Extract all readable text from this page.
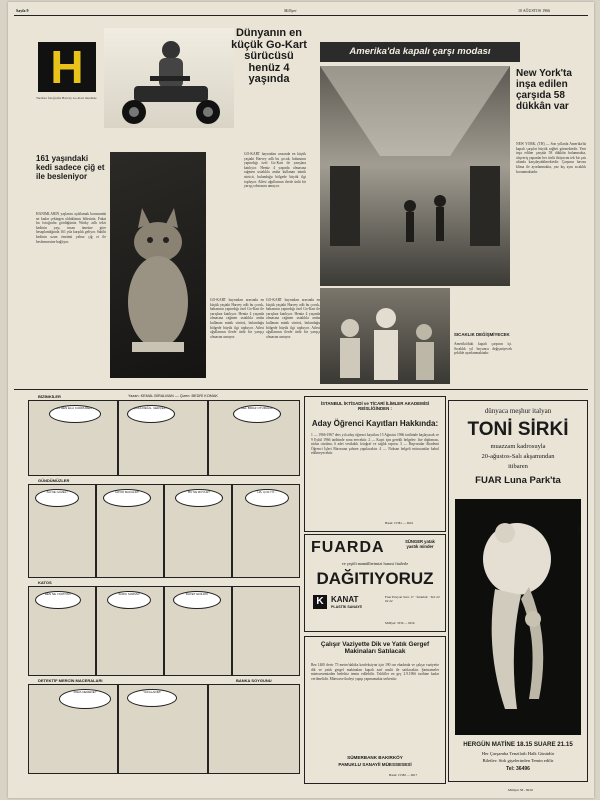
Sayfa 9	Milliyet	10 AĞUSTOS 1966
H
Tarafsız fotoğrafta Harvey Go-Kart üzerinde
Dünyanın en küçük Go-Kart sürücüsü henüz 4 yaşında
GO-KART hayranları arasında en küçük yaştaki Harvey adlı bu çocuk, babasının yaptırdığı özel Go-Kart ile yarışlara katılıyor. Henüz 4 yaşında olmasına rağmen ustalıkla araba kullanan minik sürücü, bulunduğu bölgede büyük ilgi topluyor. Ailesi oğullarının ilerde ünlü bir yarışçı olmasını umuyor.
GO-KART hayranları arasında en küçük yaştaki Harvey adlı bu çocuk, babasının yaptırdığı özel Go-Kart ile yarışlara katılıyor. Henüz 4 yaşında olmasına rağmen ustalıkla araba kullanan minik sürücü, bulunduğu bölgede büyük ilgi topluyor. Ailesi oğullarının ilerde ünlü bir yarışçı olmasını umuyor.
GO-KART hayranları arasında en küçük yaştaki Harvey adlı bu çocuk, babasının yaptırdığı özel Go-Kart ile yarışlara katılıyor. Henüz 4 yaşında olmasına rağmen ustalıkla araba kullanan minik sürücü, bulunduğu bölgede büyük ilgi topluyor. Ailesi oğullarının ilerde ünlü bir yarışçı olmasını umuyor.
161 yaşındaki kedi sadece çiğ et ile besleniyor
HANIMLARIN yaşlarını açıklamak konusunda ne kadar çekingen olduklarını bilirsiniz. Fakat bu fotoğrafta gördüğünüz Winky adlı tekir kedinin yaşı, insan ömrüne göre hesaplandığında 161 yıla karşılık geliyor. Sahibi kedinin uzun ömrünü yalnız çiğ et ile beslenmesine bağlıyor.
Amerika'da kapalı çarşı modası
New York'ta inşa edilen çarşıda 58 dükkân var
NEW YORK, (TH) — Son yıllarda Amerika'da kapalı çarşılar büyük rağbet görmektedir. Yeni inşa edilen çarşıda 58 dükkân bulunmakta, alışveriş yapanlar her türlü ihtiyacını tek bir çatı altında karşılayabilmektedir. Çarşının havası klima ile ayarlanmakta, yaz kış aynı sıcaklık korunmaktadır.
SICAKLIK DEĞİŞMİYECEK
Amerika'daki kapalı çarşının içi. Sıcaklık yıl boyunca değişmiyecek şekilde ayarlanmaktadır.
BİZİMKİLER	Yazan: KEMAL BİRALMAN — Çizen: BEDRİ KOMAK
BU BEN ELLİ KUDRUMEN?	ŞAKA DEĞİL, GERÇEK...	GEL BİRAZ OTURALIM
GÜNDÜMÜZLER
AH NE GÜZEL!	HAYDİ BAKALIM!	BU NE BÖYLE?	HA, ÇOK İYİ...
KATOS
BEN NE YAPAYIM?	SORU SORMA!	DAVET EDİLDİK
DETEKTİF MERCİN MACERALARI	BANKA SOYGUNU
PARA NEREDE?	YAKALADIM!
İSTANBUL İKTİSADİ ve TİCARİ İLİMLER AKADEMİSİ REİSLİĞİNDEN :
Aday Öğrenci Kayıtları Hakkında:
1 — 1966-1967 ders yılı aday öğrenci kayıtları 15 Ağustos 1966 tarihinde başlayacak ve 9 Eylül 1966 tarihinde sona erecektir. 2 — Kayıt için gerekli belgeler: lise diploması, nüfus cüzdanı, 6 adet vesikalık fotoğraf ve sağlık raporu. 3 — Başvurular Akademi Öğrenci İşleri Bürosuna şahsen yapılacaktır. 4 — Noksan belgeli müracaatlar kabul edilmeyecektir.
Basın: 15381 — 6916
FUARDA	SÜNGER yatak yastık minder
ve çeşitli mamûllerimizi hususi fiatlerle
DAĞITIYORUZ
K KANAT
PLASTİK SANAYİİ
Fuar Pavyon Sıra: 17 · İstanbul · Tel: 22 02 22
Milliyet: 3336 — 6916
Çalışır Vaziyette Dik ve Yatık Gergef Makinaları Satılacak
Bez 1400 devir 75 metre/dakika konfeksiyon için 190 cm ebadında ve çalışır vaziyette dik ve yatık gergef makinaları kapalı zarf usulü ile satılacaktır. Şartnameler müessesemizden bedelsiz temin edilebilir. Teklifler en geç 2.9.1966 tarihine kadar verilmelidir. Müessese ihaleyi yapıp yapmamakta serbesttir.
SÜMERBANK BAKIRKÖY
PAMUKLU SANAYİİ MÜESSESESİ
Basın: 15382 — 6917
dünyaca meşhur italyan
TONİ SİRKİ
muazzam kadrosuyla
20-ağustos-Salı akşamından
itibaren
FUAR Luna Park'ta
CAN
HERGÜN MATİNE 18.15 SUARE 21.15
Her Çarşamba Tenzilatlı Halk Günüdür
Biletler: Sirk gişelerinden Temin edilir
Tel: 36496
Milliyet 38 - 6916
